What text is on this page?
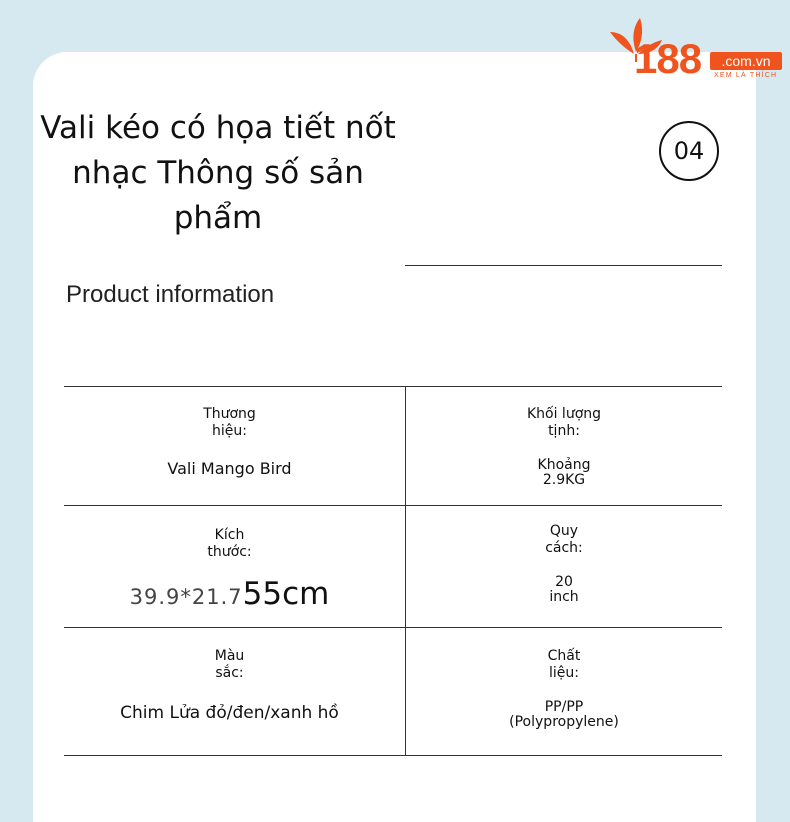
188	.com.vn
XEM LÀ THÍCH
Vali kéo có họa tiết nốt nhạc Thông số sản phẩm
04
Product information
Thương
hiệu:
Vali Mango Bird
Khối lượng
tịnh:
Khoảng
2.9KG
Kích
thước:
39.9*21.755cm
Quy
cách:
20
inch
Màu
sắc:
Chim Lửa đỏ/đen/xanh hồ
Chất
liệu:
PP/PP
(Polypropylene)
